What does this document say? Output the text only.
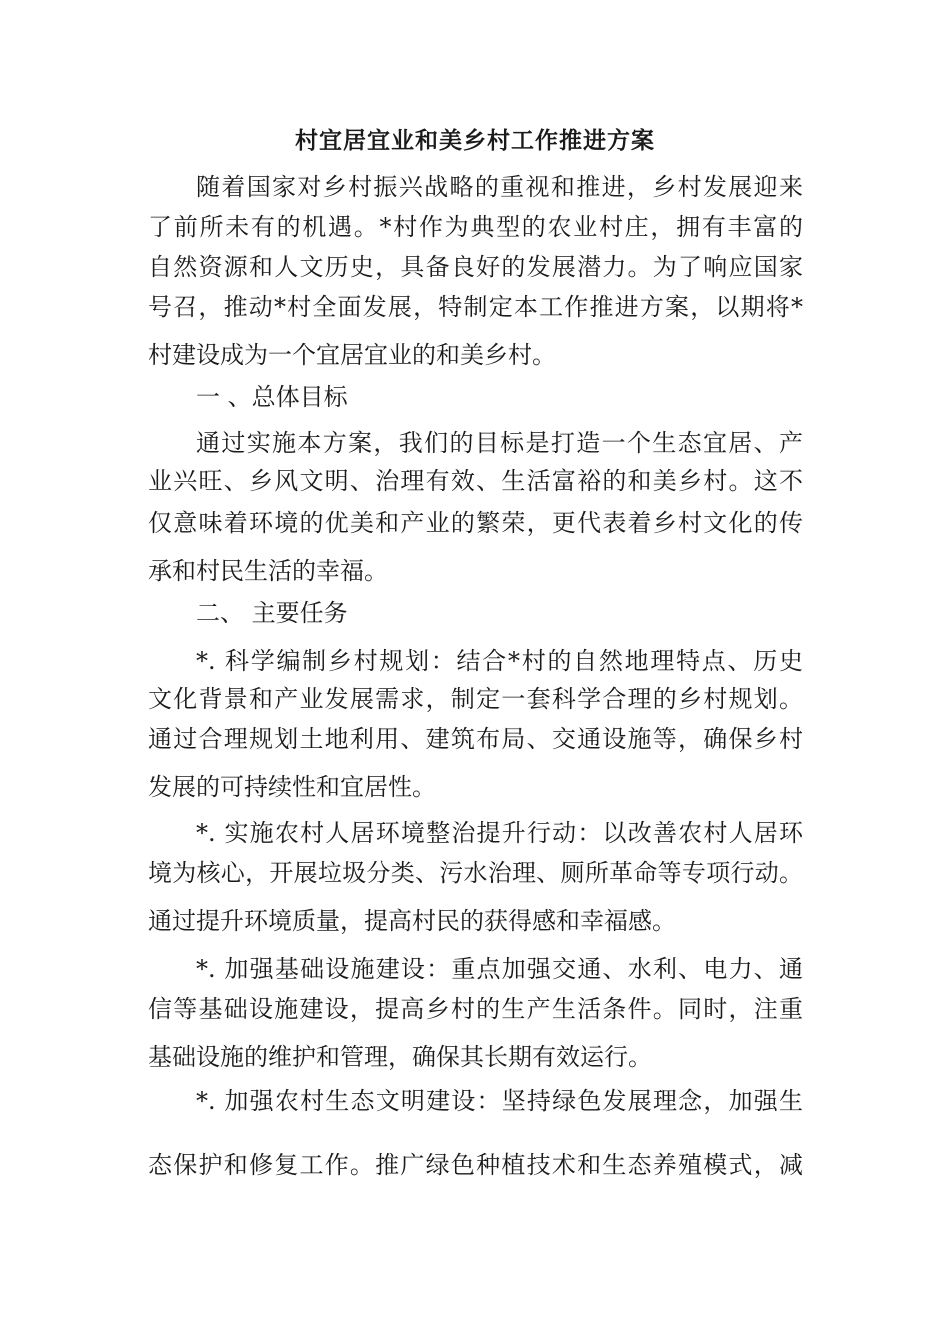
村宜居宜业和美乡村工作推进方案
随着国家对乡村振兴战略的重视和推进，乡村发展迎来
了前所未有的机遇。*村作为典型的农业村庄，拥有丰富的
自然资源和人文历史，具备良好的发展潜力。为了响应国家
号召，推动*村全面发展，特制定本工作推进方案，以期将*
村建设成为一个宜居宜业的和美乡村。
一 、总体目标
通过实施本方案，我们的目标是打造一个生态宜居、产
业兴旺、乡风文明、治理有效、生活富裕的和美乡村。这不
仅意味着环境的优美和产业的繁荣，更代表着乡村文化的传
承和村民生活的幸福。
二、 主要任务
*. 科学编制乡村规划：结合*村的自然地理特点、历史
文化背景和产业发展需求，制定一套科学合理的乡村规划。
通过合理规划土地利用、建筑布局、交通设施等，确保乡村
发展的可持续性和宜居性。
*. 实施农村人居环境整治提升行动：以改善农村人居环
境为核心，开展垃圾分类、污水治理、厕所革命等专项行动。
通过提升环境质量，提高村民的获得感和幸福感。
*. 加强基础设施建设：重点加强交通、水利、电力、通
信等基础设施建设，提高乡村的生产生活条件。同时，注重
基础设施的维护和管理，确保其长期有效运行。
*. 加强农村生态文明建设：坚持绿色发展理念，加强生
态保护和修复工作。推广绿色种植技术和生态养殖模式，减
